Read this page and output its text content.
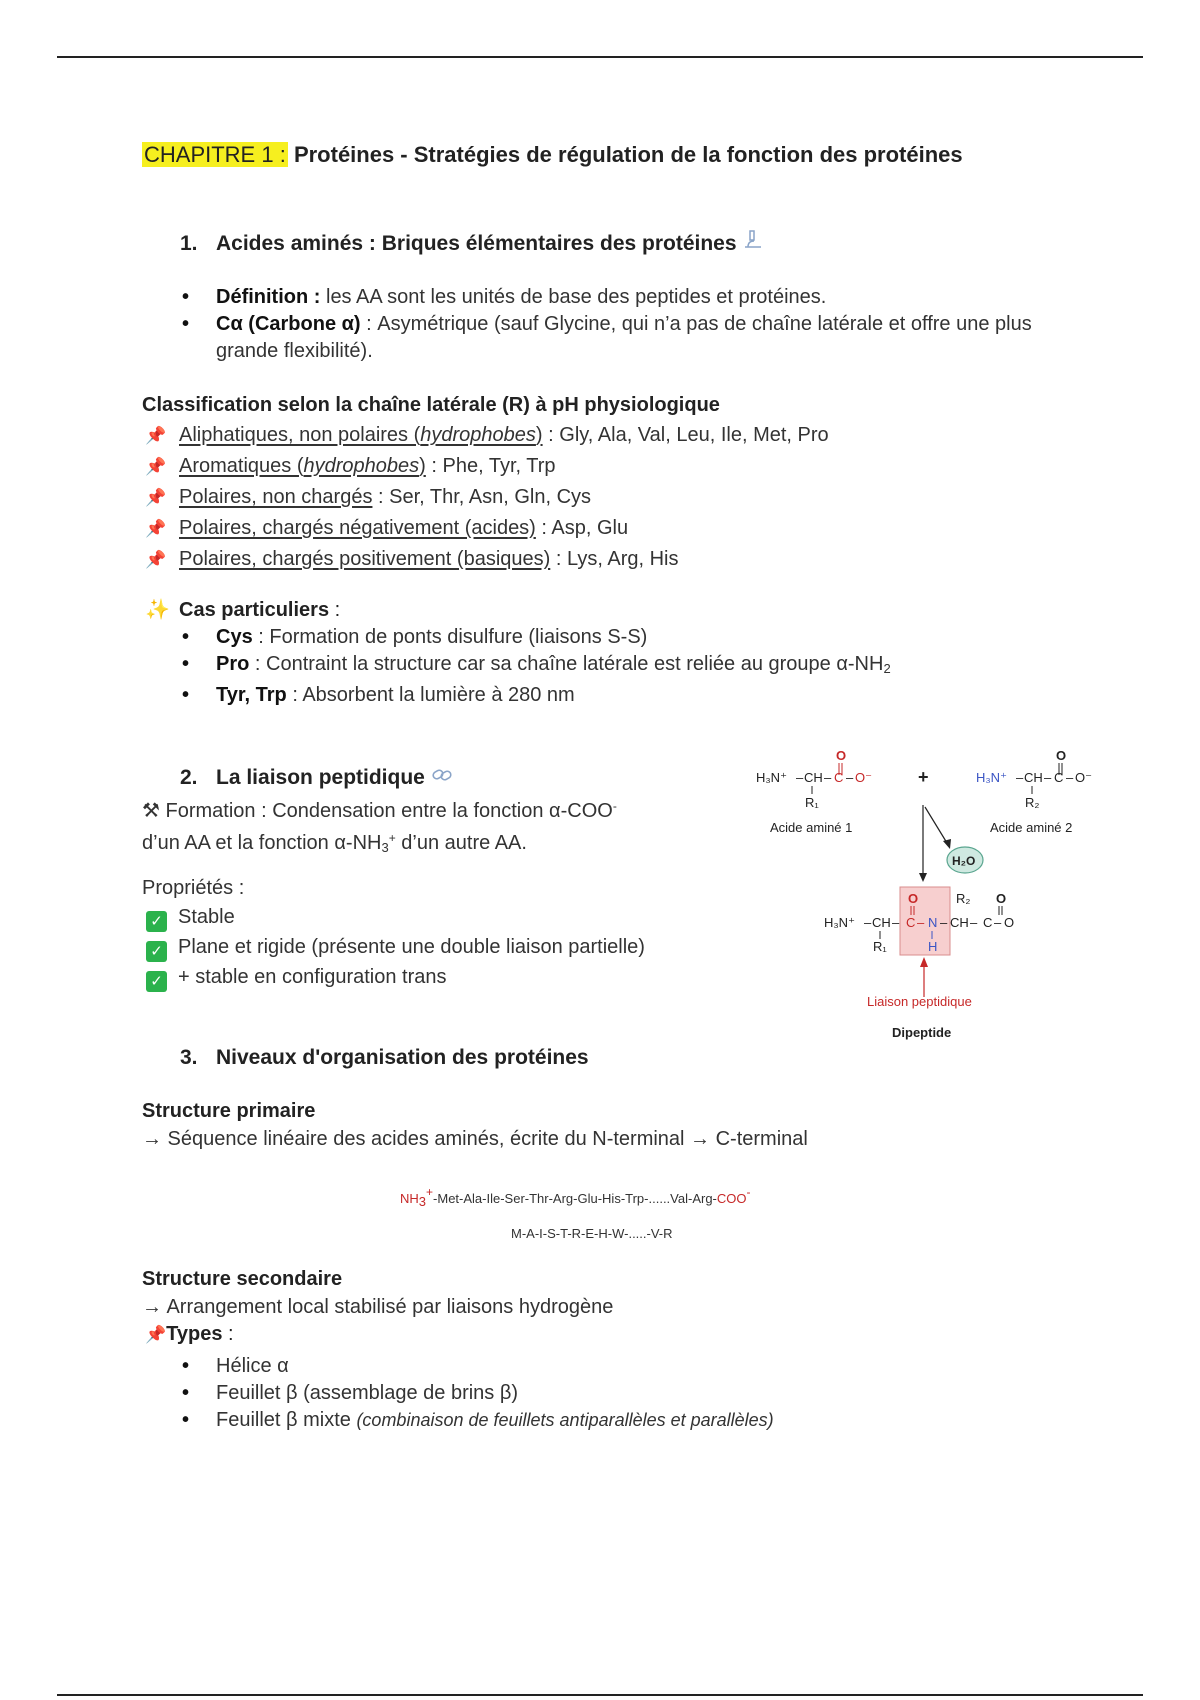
CHAPITRE 1 : Protéines - Stratégies de régulation de la fonction des protéines
1. Acides aminés : Briques élémentaires des protéines
• Définition : les AA sont les unités de base des peptides et protéines.
• Cα (Carbone α) : Asymétrique (sauf Glycine, qui n’a pas de chaîne latérale et offre une plus grande flexibilité).
Classification selon la chaîne latérale (R) à pH physiologique
📌 Aliphatiques, non polaires (hydrophobes) : Gly, Ala, Val, Leu, Ile, Met, Pro
📌 Aromatiques (hydrophobes) : Phe, Tyr, Trp
📌 Polaires, non chargés : Ser, Thr, Asn, Gln, Cys
📌 Polaires, chargés négativement (acides) : Asp, Glu
📌 Polaires, chargés positivement (basiques) : Lys, Arg, His
✨ Cas particuliers :
• Cys : Formation de ponts disulfure (liaisons S-S)
• Pro : Contraint la structure car sa chaîne latérale est reliée au groupe $\alpha-NH_2$
• Tyr, Trp : Absorbent la lumière à 280 nm
2. La liaison peptidique
⚒ Formation : Condensation entre la fonction α-COO-
d’un AA et la fonction $\alpha-NH_3^+$ d’un autre AA.
Propriétés :
✓ Stable
✓ Plane et rigide (présente une double liaison partielle)
✓ + stable en configuration trans
O
H₃N⁺ – CH – C – O⁻
R₁
Acide aminé 1
+
O
H₃N⁺ – CH – C – O⁻
R₂
Acide aminé 2
H₂O
O	R₂ O
H₃N⁺ – CH – C – N – CH – C – O
R₁	H
Liaison peptidique
Dipeptide
3. Niveaux d'organisation des protéines
Structure primaire
→ Séquence linéaire des acides aminés, écrite du N-terminal → C-terminal
NH3+-Met-Ala-Ile-Ser-Thr-Arg-Glu-His-Trp-......Val-Arg-COO-
M-A-I-S-T-R-E-H-W-.....-V-R
Structure secondaire
→ Arrangement local stabilisé par liaisons hydrogène
📌Types :
• Hélice α
• Feuillet β (assemblage de brins β)
• Feuillet β mixte (combinaison de feuillets antiparallèles et parallèles)
